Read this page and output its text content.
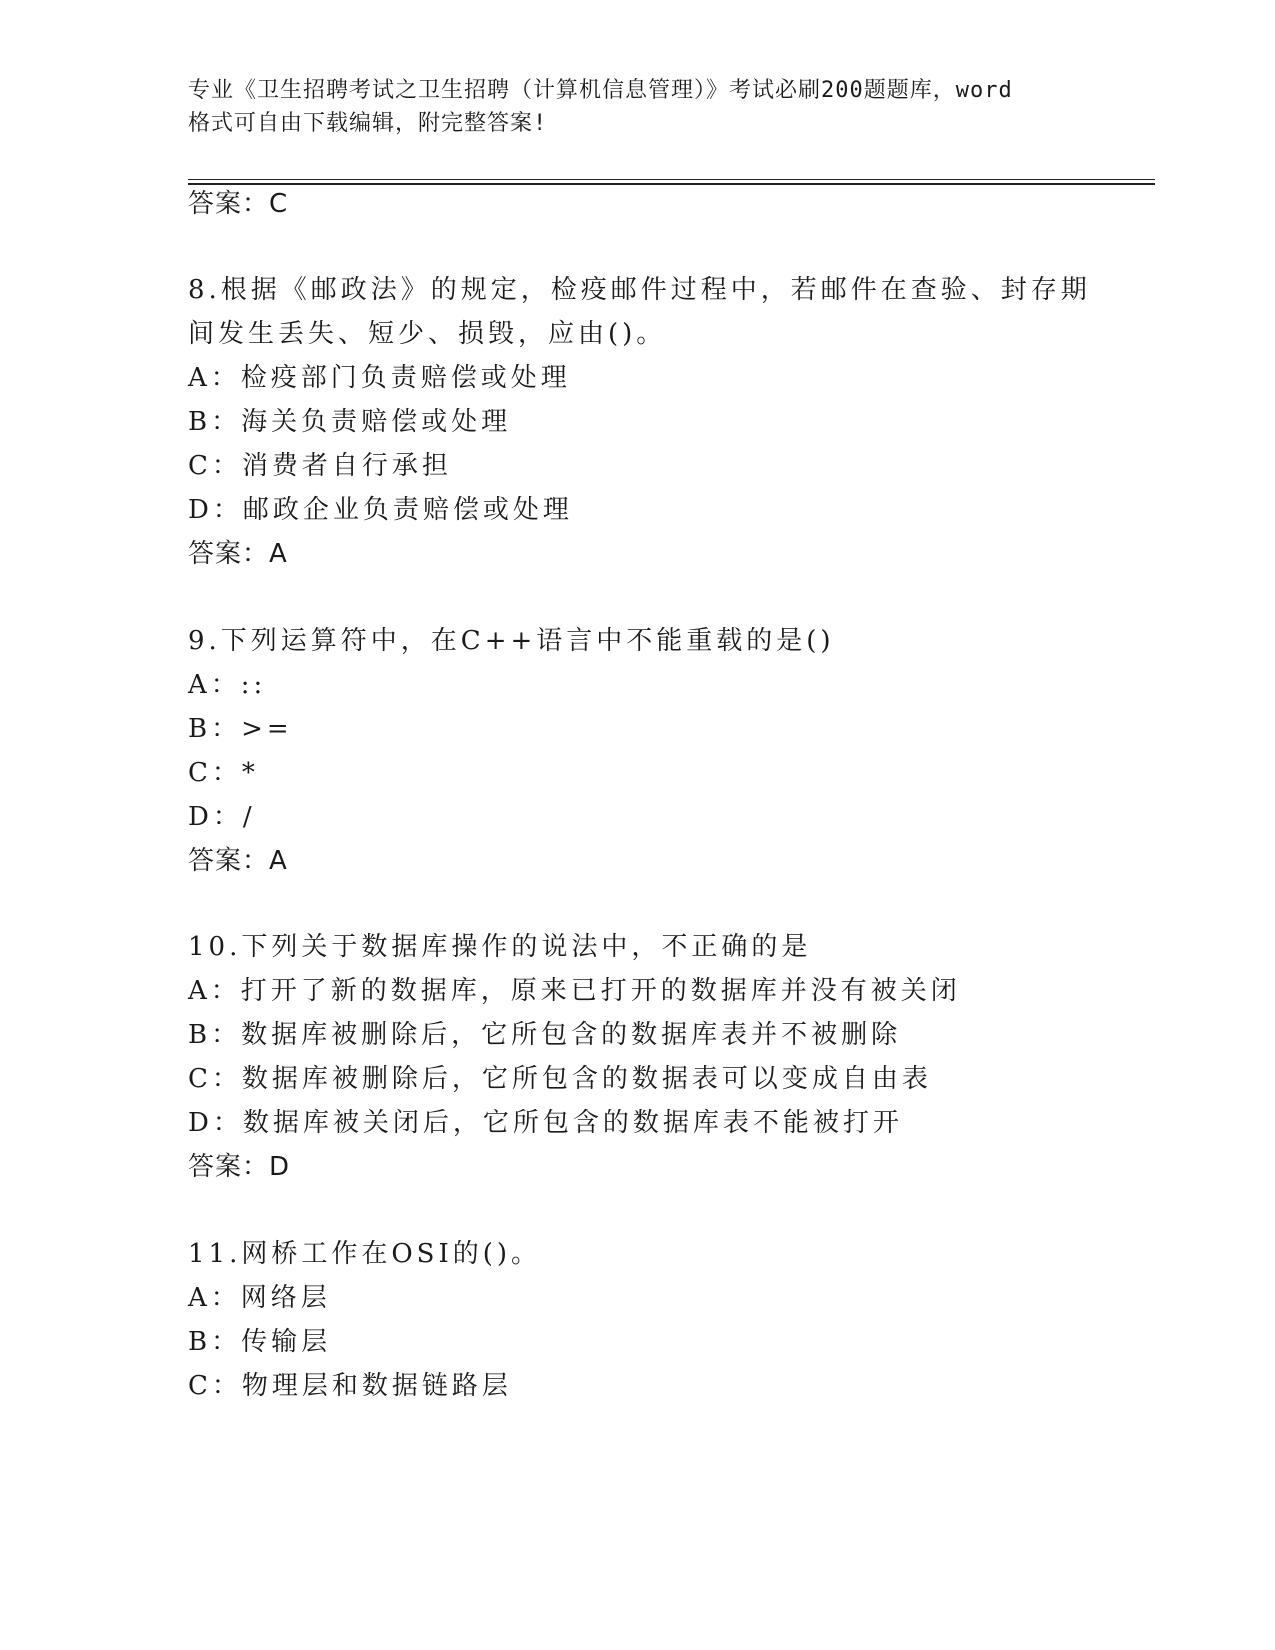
专业《卫生招聘考试之卫生招聘（计算机信息管理）》考试必刷200题题库，word
格式可自由下载编辑，附完整答案!
答案：C
8.根据《邮政法》的规定，检疫邮件过程中，若邮件在查验、封存期
间发生丢失、短少、损毁，应由()。
A：检疫部门负责赔偿或处理
B：海关负责赔偿或处理
C：消费者自行承担
D：邮政企业负责赔偿或处理
答案：A
9.下列运算符中，在C++语言中不能重载的是()
A：::
B：>=
C：*
D：/
答案：A
10.下列关于数据库操作的说法中，不正确的是
A：打开了新的数据库，原来已打开的数据库并没有被关闭
B：数据库被删除后，它所包含的数据库表并不被删除
C：数据库被删除后，它所包含的数据表可以变成自由表
D：数据库被关闭后，它所包含的数据库表不能被打开
答案：D
11.网桥工作在OSI的()。
A：网络层
B：传输层
C：物理层和数据链路层
